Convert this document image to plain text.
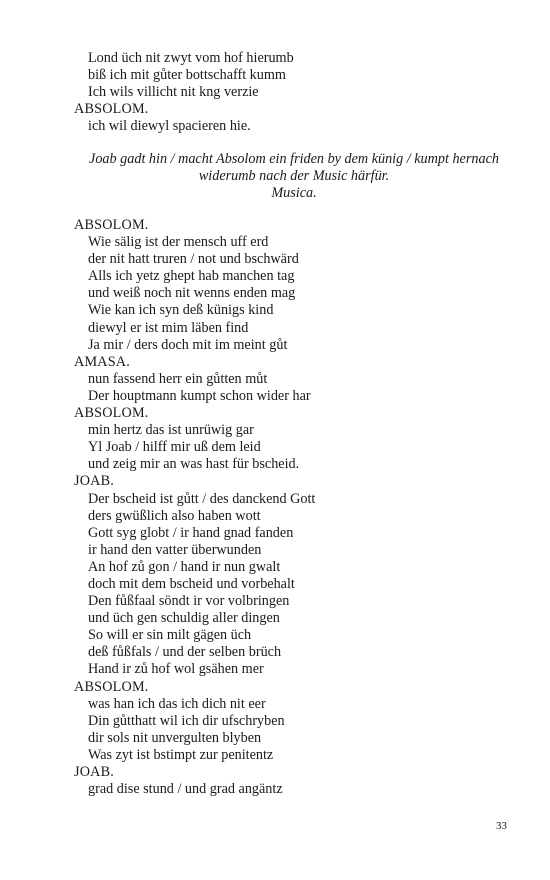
Lond üch nit zwyt vom hof hierumb
biß ich mit gůter bottschafft kumm
Ich wils villicht nit kng verzie
ABSOLOM.
ich wil diewyl spacieren hie.
Joab gadt hin / macht Absolom ein friden by dem künig / kumpt hernach
widerumb nach der Music härfür.
Musica.
ABSOLOM.
Wie sälig ist der mensch uff erd
der nit hatt truren / not und bschwärd
Alls ich yetz ghept hab manchen tag
und weiß noch nit wenns enden mag
Wie kan ich syn deß künigs kind
diewyl er ist mim läben find
Ja mir / ders doch mit im meint gůt
AMASA.
nun fassend herr ein gůtten můt
Der houptmann kumpt schon wider har
ABSOLOM.
min hertz das ist unrüwig gar
Yl Joab / hilff mir uß dem leid
und zeig mir an was hast für bscheid.
JOAB.
Der bscheid ist gůtt / des danckend Gott
ders gwüßlich also haben wott
Gott syg globt / ir hand gnad fanden
ir hand den vatter überwunden
An hof zů gon / hand ir nun gwalt
doch mit dem bscheid und vorbehalt
Den fůßfaal söndt ir vor volbringen
und üch gen schuldig aller dingen
So will er sin milt gägen üch
deß fůßfals / und der selben brüch
Hand ir zů hof wol gsähen mer
ABSOLOM.
was han ich das ich dich nit eer
Din gůtthatt wil ich dir ufschryben
dir sols nit unvergulten blyben
Was zyt ist bstimpt zur penitentz
JOAB.
grad dise stund / und grad angäntz
33
